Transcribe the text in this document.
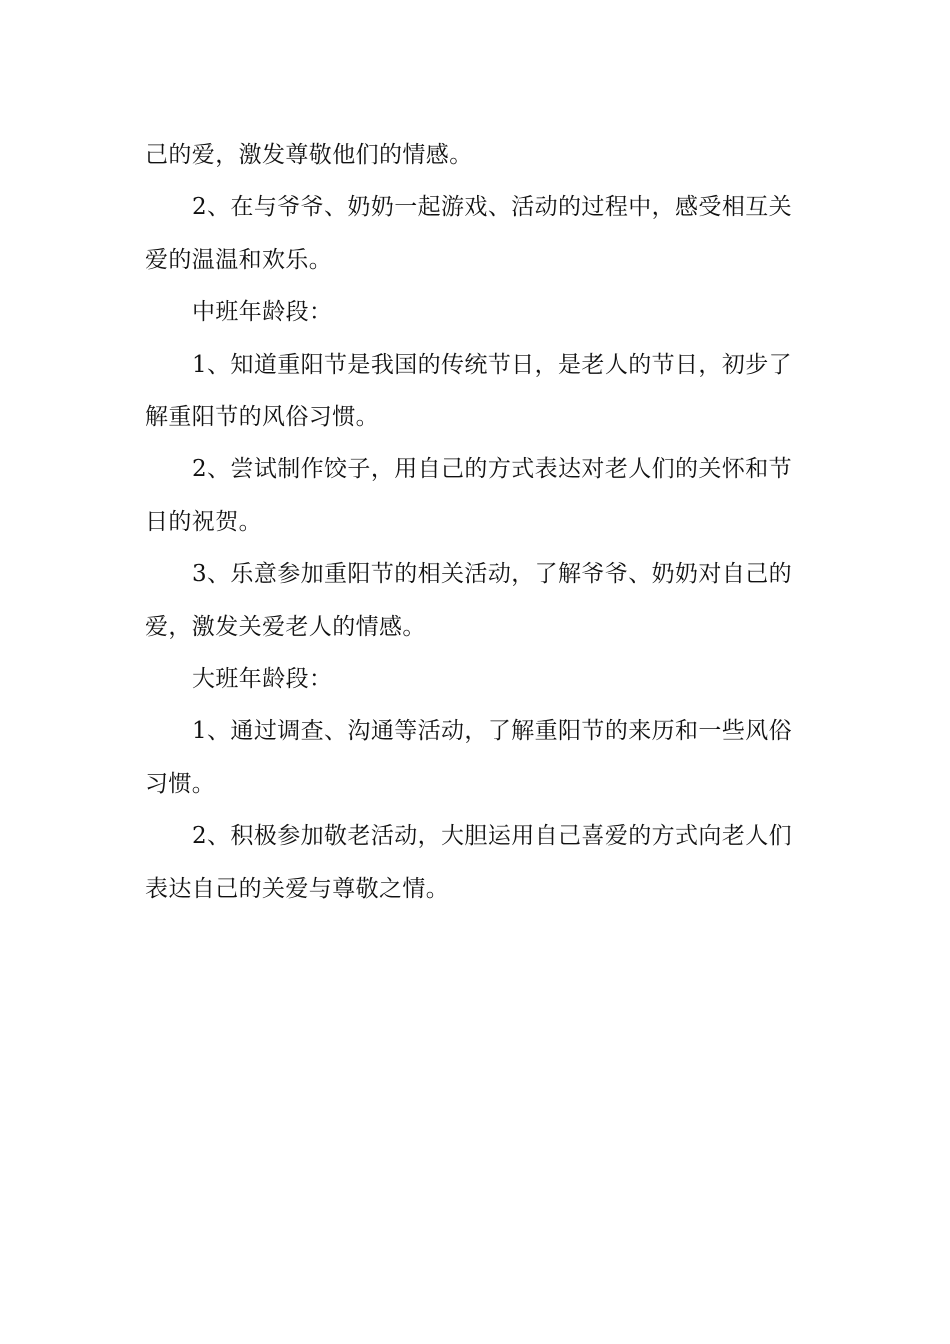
己的爱，激发尊敬他们的情感。

2、在与爷爷、奶奶一起游戏、活动的过程中，感受相互关
爱的温温和欢乐。

中班年龄段：

1、知道重阳节是我国的传统节日，是老人的节日，初步了
解重阳节的风俗习惯。

2、尝试制作饺子，用自己的方式表达对老人们的关怀和节
日的祝贺。

3、乐意参加重阳节的相关活动，了解爷爷、奶奶对自己的
爱，激发关爱老人的情感。

大班年龄段：

1、通过调查、沟通等活动，了解重阳节的来历和一些风俗
习惯。

2、积极参加敬老活动，大胆运用自己喜爱的方式向老人们
表达自己的关爱与尊敬之情。
